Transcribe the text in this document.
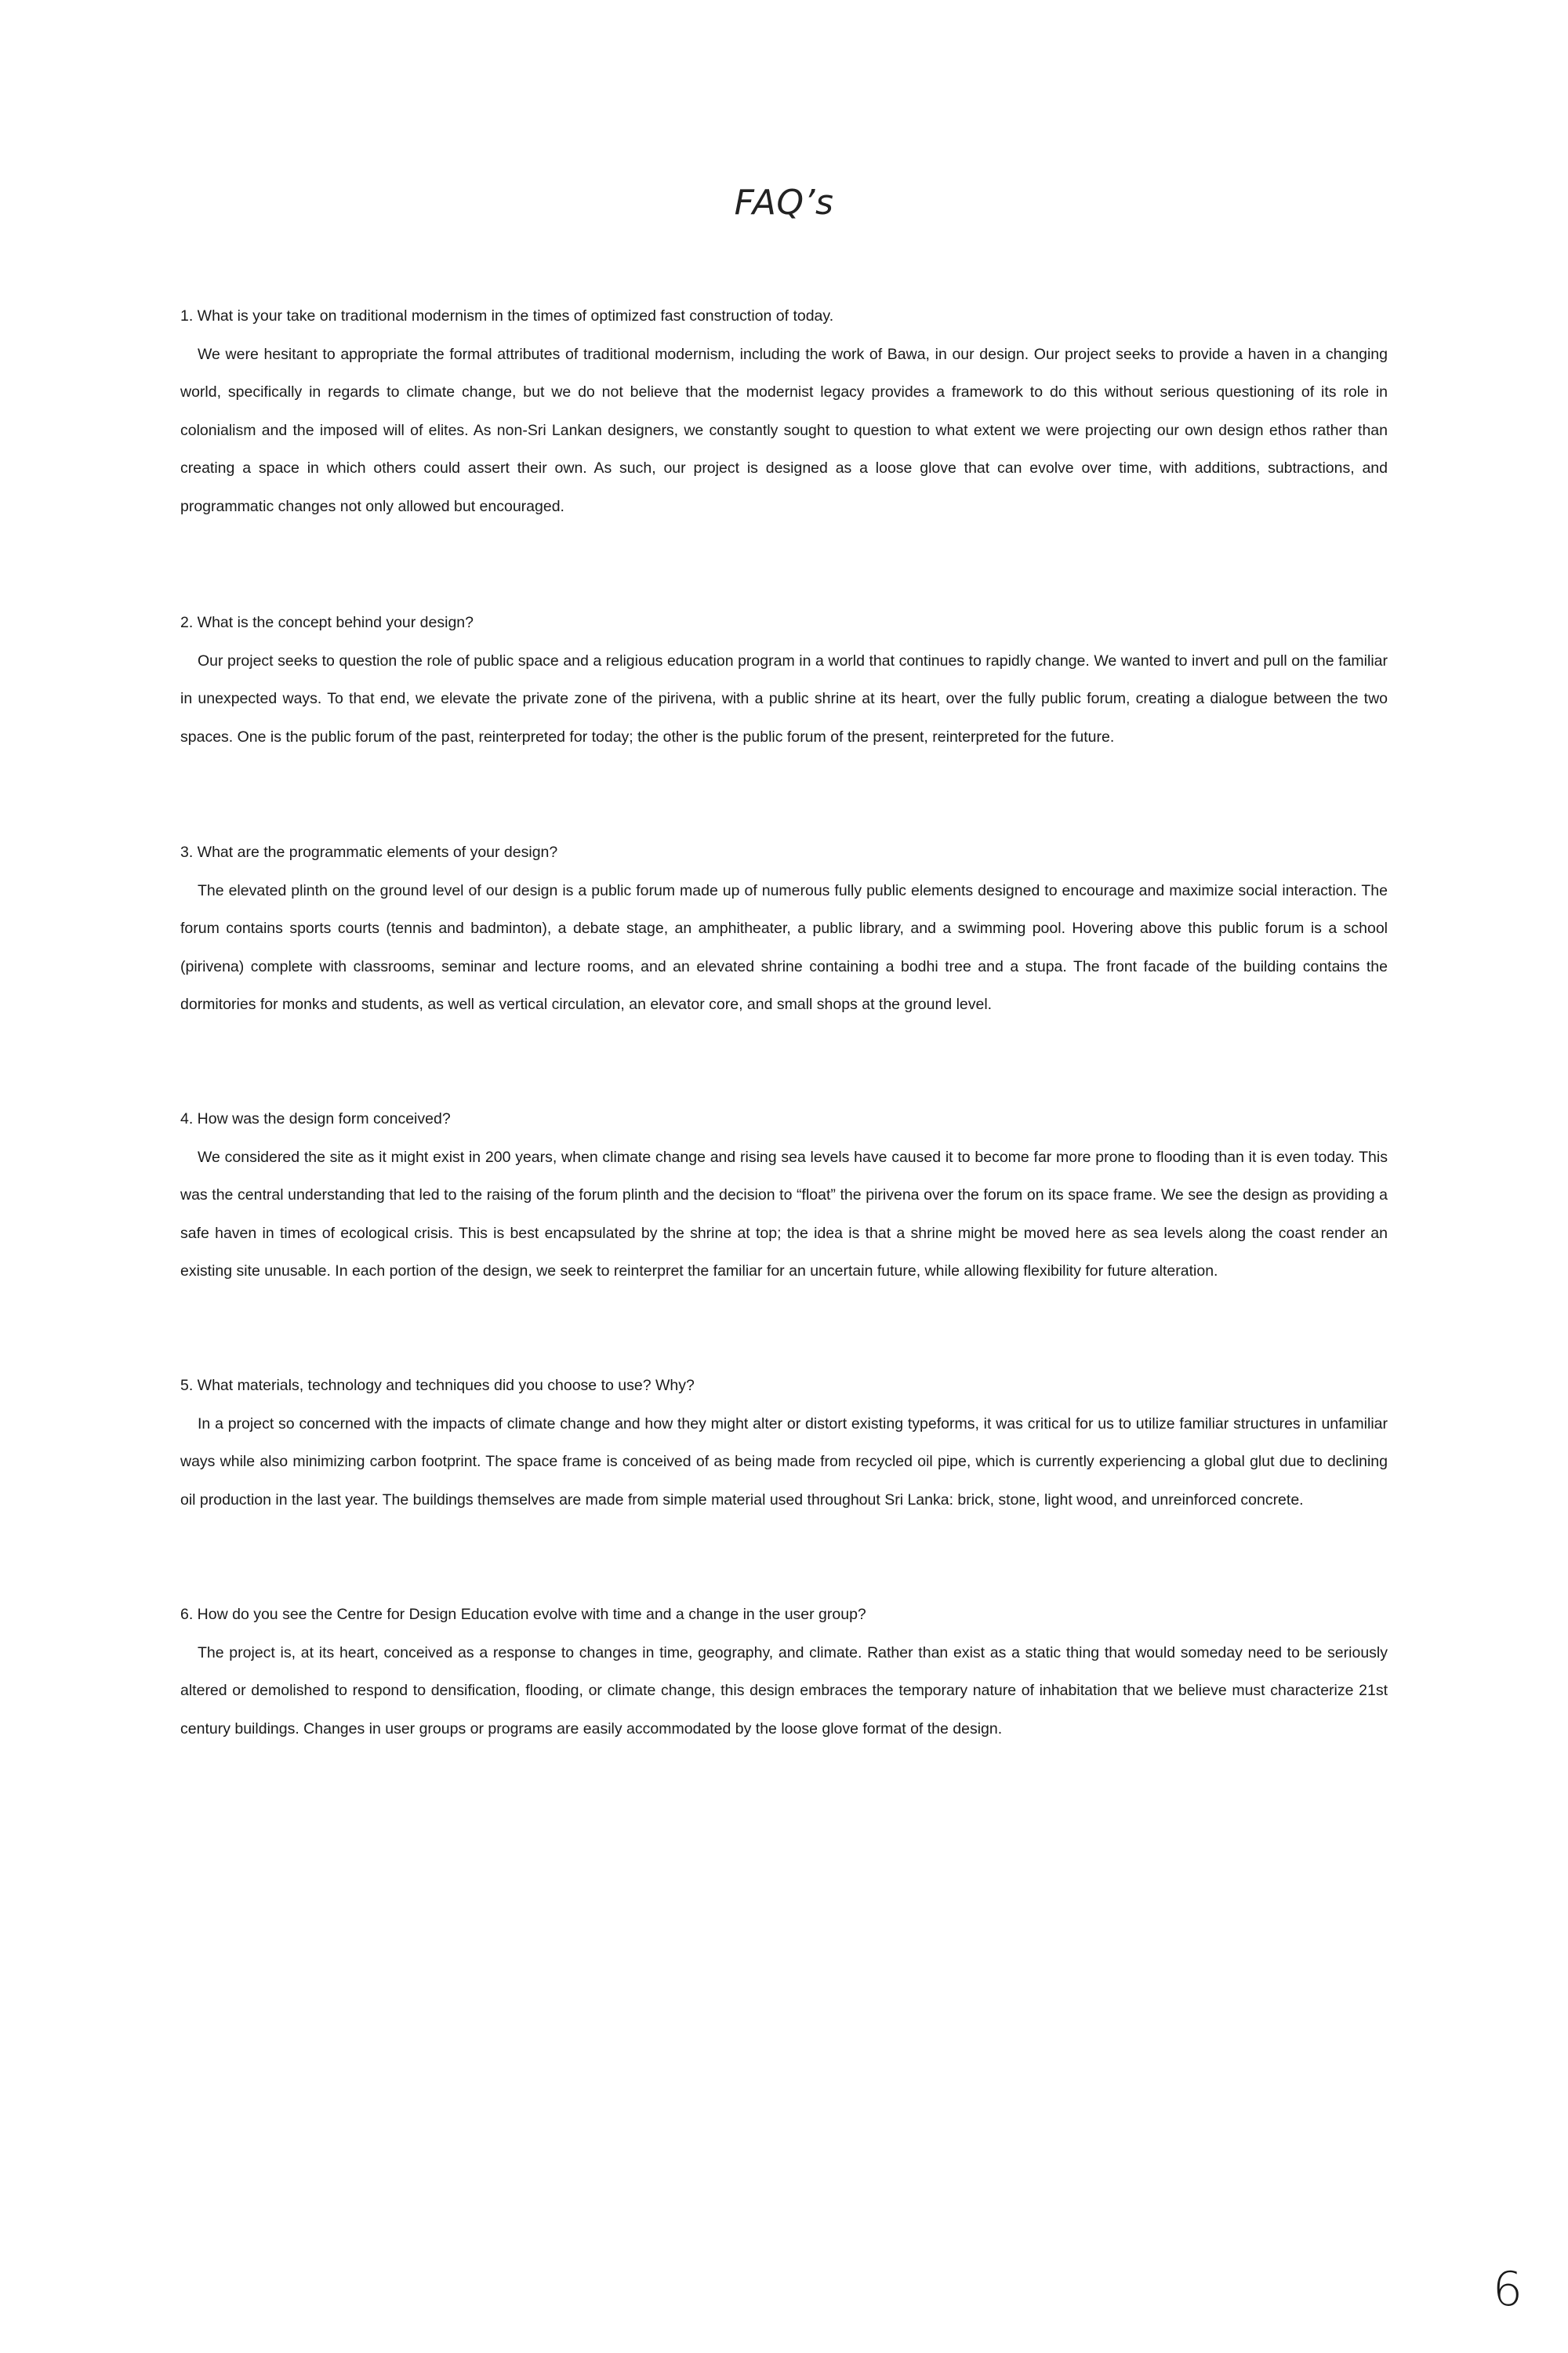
FAQ’s

1. What is your take on traditional modernism in the times of optimized fast construction of today.

We were hesitant to appropriate the formal attributes of traditional modernism, including the work of Bawa, in our design. Our project seeks to provide a haven in a changing world, specifically in regards to climate change, but we do not believe that the modernist legacy provides a framework to do this without serious questioning of its role in colonialism and the imposed will of elites. As non-Sri Lankan designers, we constantly sought to question to what extent we were projecting our own design ethos rather than creating a space in which others could assert their own. As such, our project is designed as a loose glove that can evolve over time, with additions, subtractions, and programmatic changes not only allowed but encouraged.

2. What is the concept behind your design?

Our project seeks to question the role of public space and a religious education program in a world that continues to rapidly change. We wanted to invert and pull on the familiar in unexpected ways. To that end, we elevate the private zone of the pirivena, with a public shrine at its heart, over the fully public forum, creating a dialogue between the two spaces. One is the public forum of the past, reinterpreted for today; the other is the public forum of the present, reinterpreted for the future.

3. What are the programmatic elements of your design?

The elevated plinth on the ground level of our design is a public forum made up of numerous fully public elements designed to encourage and maximize social interaction. The forum contains sports courts (tennis and badminton), a debate stage, an amphitheater, a public library, and a swimming pool. Hovering above this public forum is a school (pirivena) complete with classrooms, seminar and lecture rooms, and an elevated shrine containing a bodhi tree and a stupa. The front facade of the building contains the dormitories for monks and students, as well as vertical circulation, an elevator core, and small shops at the ground level.

4. How was the design form conceived?

We considered the site as it might exist in 200 years, when climate change and rising sea levels have caused it to become far more prone to flooding than it is even today. This was the central understanding that led to the raising of the forum plinth and the decision to “float” the pirivena over the forum on its space frame. We see the design as providing a safe haven in times of ecological crisis. This is best encapsulated by the shrine at top; the idea is that a shrine might be moved here as sea levels along the coast render an existing site unusable. In each portion of the design, we seek to reinterpret the familiar for an uncertain future, while allowing flexibility for future alteration.

5. What materials, technology and techniques did you choose to use? Why?

In a project so concerned with the impacts of climate change and how they might alter or distort existing typeforms, it was critical for us to utilize familiar structures in unfamiliar ways while also minimizing carbon footprint. The space frame is conceived of as being made from recycled oil pipe, which is currently experiencing a global glut due to declining oil production in the last year. The buildings themselves are made from simple material used throughout Sri Lanka: brick, stone, light wood, and unreinforced concrete.

6. How do you see the Centre for Design Education evolve with time and a change in the user group?

The project is, at its heart, conceived as a response to changes in time, geography, and climate. Rather than exist as a static thing that would someday need to be seriously altered or demolished to respond to densification, flooding, or climate change, this design embraces the temporary nature of inhabitation that we believe must characterize 21st century buildings. Changes in user groups or programs are easily accommodated by the loose glove format of the design.

6
